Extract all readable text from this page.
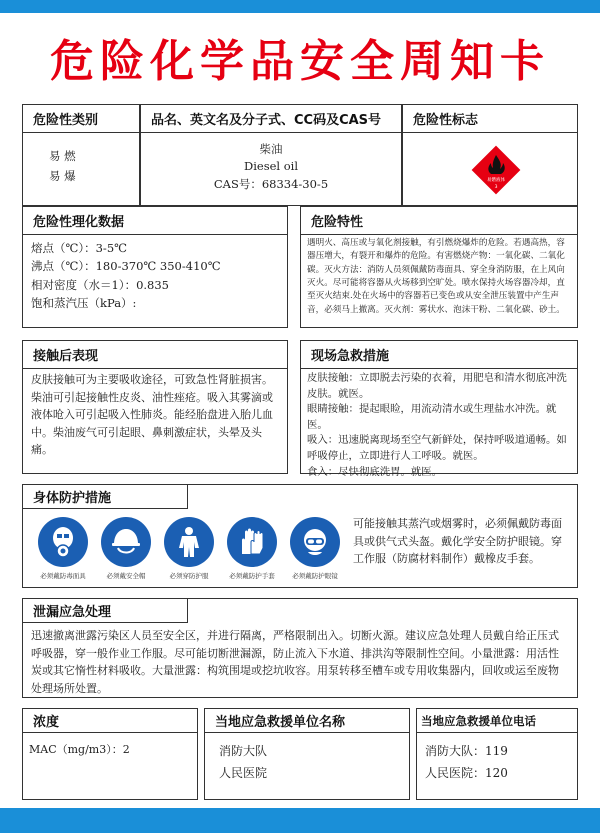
危险化学品安全周知卡
危险性类别
易 燃
易 爆
品名、英文名及分子式、CC码及CAS号
柴油
Diesel oil
CAS号：68334-30-5
危险性标志
易燃液体
3
危险性理化数据
熔点（℃）：3-5℃
沸点（℃）：180-370℃ 350-410℃
相对密度（水＝1）：0.835
饱和蒸汽压（kPa）:
危险特性
遇明火、高压或与氧化剂接触，有引燃烧爆炸的危险。若遇高热，容器压增大，有裂开和爆炸的危险。有害燃烧产物：一氧化碳、二氧化碳。灭火方法：消防人员须佩戴防毒面具、穿全身消防服，在上风向灭火。尽可能将容器从火场移到空旷处。喷水保持火场容器冷却，直至灭火结束.处在火场中的容器若已变色或从安全泄压装置中产生声音，必须马上撤离。灭火剂：雾状水、泡沫干粉、二氧化碳、砂土。
接触后表现
皮肤接触可为主要吸收途径，可致急性肾脏损害。柴油可引起接触性皮炎、油性痤疮。吸入其雾滴或液体呛入可引起吸入性肺炎。能经胎盘进入胎儿血中。柴油废气可引起眼、鼻刺激症状，头晕及头痛。
现场急救措施
皮肤接触：立即脱去污染的衣着，用肥皂和清水彻底冲洗皮肤。就医。
眼睛接触：提起眼睑，用流动清水或生理盐水冲洗。就医。
吸入：迅速脱离现场至空气新鲜处，保持呼吸道通畅。如呼吸停止，立即进行人工呼吸。就医。
食入：尽快彻底洗胃。就医。
身体防护措施
必须戴防毒面具	必须戴安全帽	必须穿防护服	必须戴防护手套	必须戴防护眼镜
可能接触其蒸汽或烟雾时，必须佩戴防毒面具或供气式头盔。戴化学安全防护眼镜。穿工作服（防腐材料制作）戴橡皮手套。
泄漏应急处理
迅速撤离泄露污染区人员至安全区，并进行隔离，严格限制出入。切断火源。建议应急处理人员戴自给正压式呼吸器，穿一般作业工作服。尽可能切断泄漏源，防止流入下水道、排洪沟等限制性空间。小量泄露：用活性炭或其它惰性材料吸收。大量泄露：构筑围堤或挖坑收容。用泵转移至槽车或专用收集器内，回收或运至废物处理场所处置。
浓度
MAC（mg/m3）：2
当地应急救援单位名称
消防大队
人民医院
当地应急救援单位电话
消防大队：119
人民医院：120
